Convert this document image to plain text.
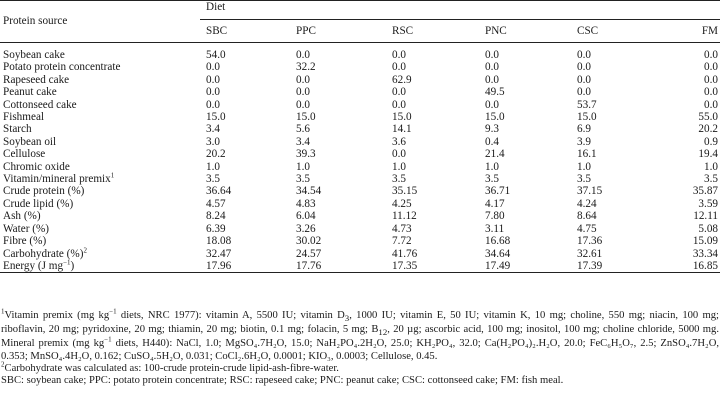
Protein source	Diet					
	SBC	PPC	RSC	PNC	CSC	FM

Soybean cake	54.0	0.0	0.0	0.0	0.0	0.0
Potato protein concentrate	0.0	32.2	0.0	0.0	0.0	0.0
Rapeseed cake	0.0	0.0	62.9	0.0	0.0	0.0
Peanut cake	0.0	0.0	0.0	49.5	0.0	0.0
Cottonseed cake	0.0	0.0	0.0	0.0	53.7	0.0
Fishmeal	15.0	15.0	15.0	15.0	15.0	55.0
Starch	3.4	5.6	14.1	9.3	6.9	20.2
Soybean oil	3.0	3.4	3.6	0.4	3.9	0.9
Cellulose	20.2	39.3	0.0	21.4	16.1	19.4
Chromic oxide	1.0	1.0	1.0	1.0	1.0	1.0
Vitamin/mineral premix$^1$	3.5	3.5	3.5	3.5	3.5	3.5
Crude protein (%)	36.64	34.54	35.15	36.71	37.15	35.87
Crude lipid (%)	4.57	4.83	4.25	4.17	4.24	3.59
Ash (%)	8.24	6.04	11.12	7.80	8.64	12.11
Water (%)	6.39	3.26	4.73	3.11	4.75	5.08
Fibre (%)	18.08	30.02	7.72	16.68	17.36	15.09
Carbohydrate (%)$^2$	32.47	24.57	41.76	34.64	32.61	33.34
Energy (J $mg^{-1}$)	17.96	17.76	17.35	17.49	17.39	16.85

$^1$Vitamin premix (mg $kg^{-1}$ diets, NRC 1977): vitamin A, 5500 IU; vitamin $D_3$, 1000 IU; vitamin E, 50 IU; vitamin K, 10 mg; choline, 550 mg; niacin, 100 mg; riboflavin, 20 mg; pyridoxine, 20 mg; thiamin, 20 mg; biotin, 0.1 mg; folacin, 5 mg; $B_{12}$, 20 µg; ascorbic acid, 100 mg; inositol, 100 mg; choline chloride, 5000 mg. Mineral premix (mg $kg^{-1}$ diets, H440): NaCl, 1.0; MgSO₄.7H₂O, 15.0; NaH₂PO₄.2H₂O, 25.0; KH₂PO₄, 32.0; Ca(H₂PO₄)₂.H₂O, 20.0; FeC₆H₅O₇, 2.5; ZnSO₄.7H₂O, 0.353; MnSO₄.4H₂O, 0.162; CuSO₄.5H₂O, 0.031; CoCl₂.6H₂O, 0.0001; KIO₃, 0.0003; Cellulose, 0.45.

$^2$Carbohydrate was calculated as: 100-crude protein-crude lipid-ash-fibre-water.

SBC: soybean cake; PPC: potato protein concentrate; RSC: rapeseed cake; PNC: peanut cake; CSC: cottonseed cake; FM: fish meal.
